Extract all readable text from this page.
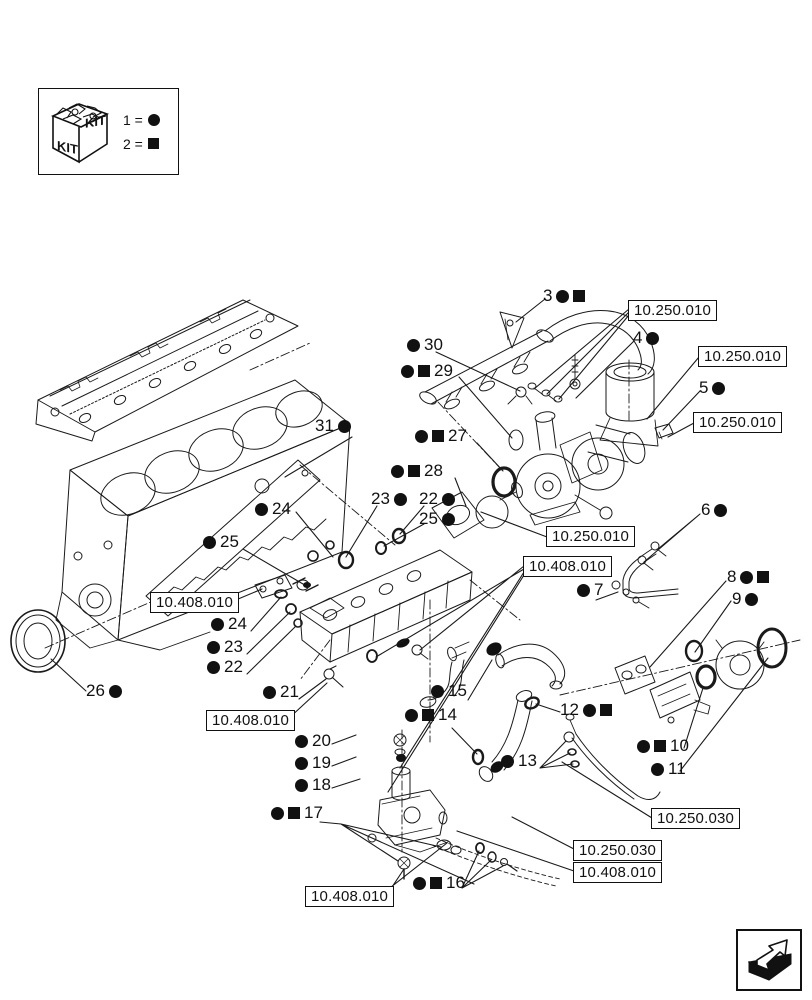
KIT
KIT 1 =
2 =
10.250.010
10.250.010
10.250.010
10.250.010
10.408.010
10.408.010
10.408.010
10.250.030
10.250.030
10.408.010
10.408.010
3
4
5
6
7
8
9
10
11
12
13
14
15
16
17
18
19
20
21
22
23
24
22
23
25
24
25
26
27
28
29
30
31
